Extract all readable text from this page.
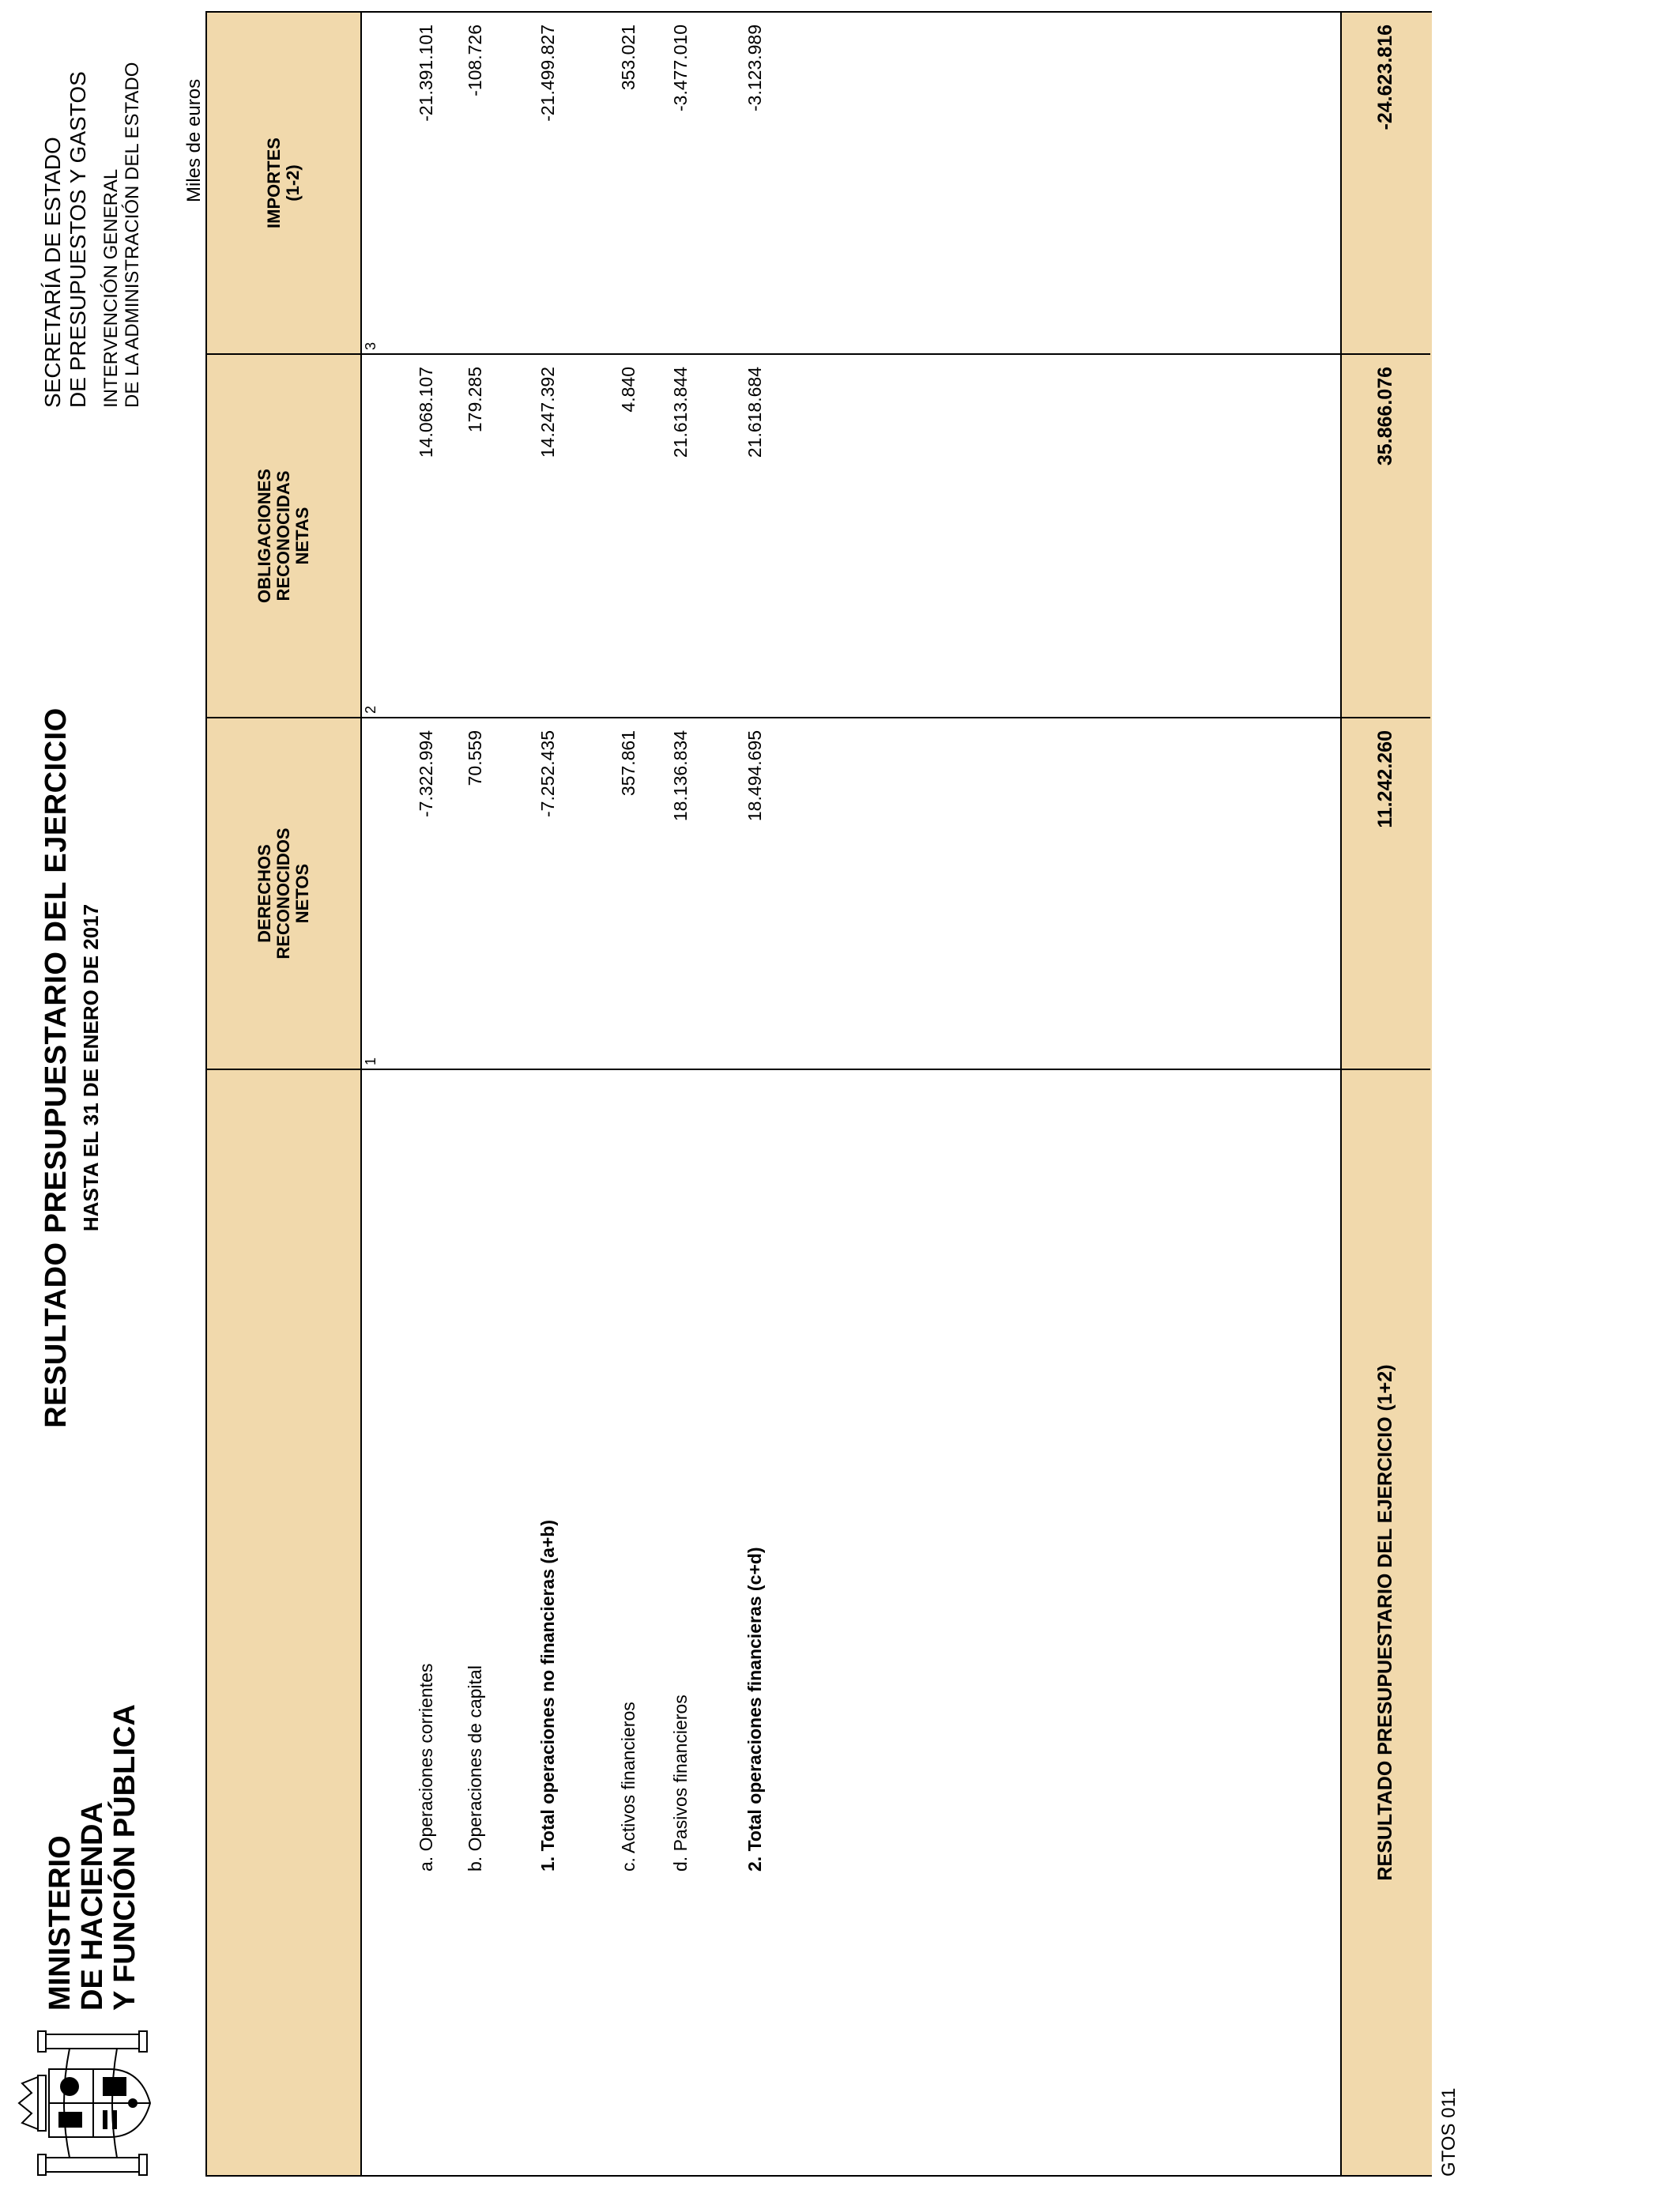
MINISTERIO DE HACIENDA Y FUNCIÓN PÚBLICA
RESULTADO PRESUPUESTARIO DEL EJERCICIO HASTA EL 31 DE ENERO DE 2017
SECRETARÍA DE ESTADO DE PRESUPUESTOS Y GASTOS INTERVENCIÓN GENERAL DE LA ADMINISTRACIÓN DEL ESTADO Miles de euros
DERECHOS RECONOCIDOS NETOS
OBLIGACIONES RECONOCIDAS NETAS
IMPORTES (1-2)
1
2
3
a. Operaciones corrientes
-7.322.994
14.068.107
-21.391.101
b. Operaciones de capital
70.559
179.285
-108.726
1. Total operaciones no financieras (a+b)
-7.252.435
14.247.392
-21.499.827
c. Activos financieros
357.861
4.840
353.021
d. Pasivos financieros
18.136.834
21.613.844
-3.477.010
2. Total operaciones financieras (c+d)
18.494.695
21.618.684
-3.123.989
RESULTADO PRESUPUESTARIO DEL EJERCICIO (1+2)
11.242.260
35.866.076
-24.623.816
GTOS 011
